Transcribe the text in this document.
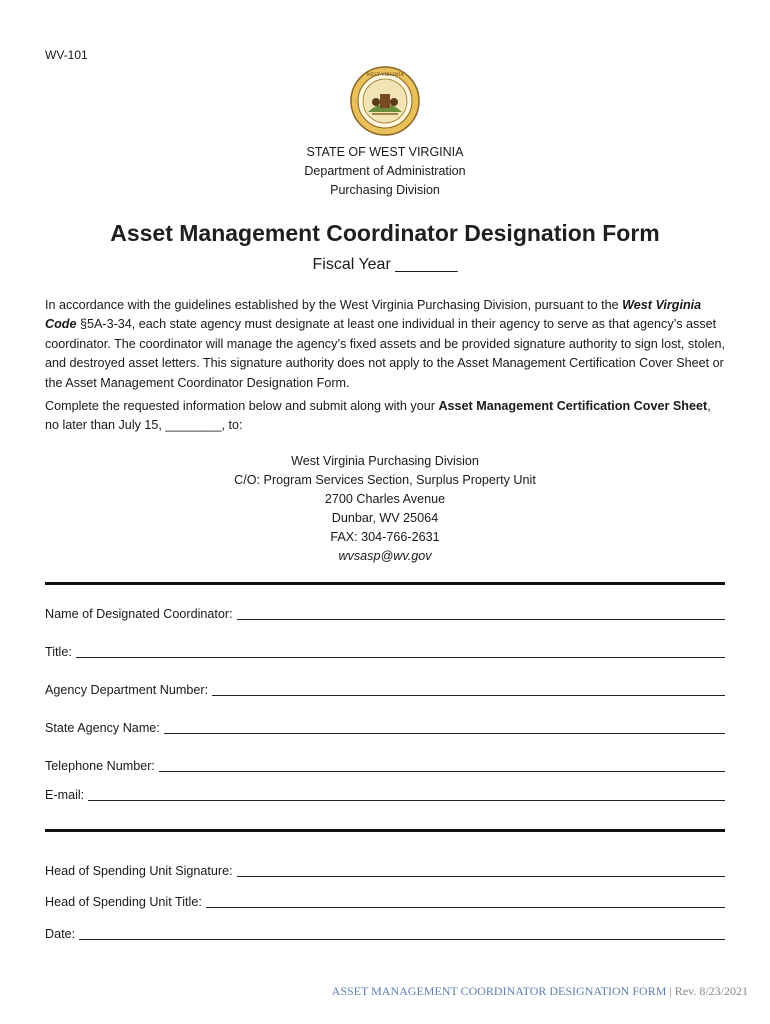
WV-101
WEST VIRGINIA
STATE OF WEST VIRGINIA
Department of Administration
Purchasing Division
Asset Management Coordinator Designation Form
Fiscal Year _______
In accordance with the guidelines established by the West Virginia Purchasing Division, pursuant to the West Virginia Code §5A-3-34, each state agency must designate at least one individual in their agency to serve as that agency’s asset coordinator. The coordinator will manage the agency’s fixed assets and be provided signature authority to sign lost, stolen, and destroyed asset letters. This signature authority does not apply to the Asset Management Certification Cover Sheet or the Asset Management Coordinator Designation Form.
Complete the requested information below and submit along with your Asset Management Certification Cover Sheet, no later than July 15, ________, to:
West Virginia Purchasing Division
C/O: Program Services Section, Surplus Property Unit
2700 Charles Avenue
Dunbar, WV 25064
FAX: 304-766-2631
wvsasp@wv.gov
Name of Designated Coordinator:
Title:
Agency Department Number:
State Agency Name:
Telephone Number:
E-mail:
Head of Spending Unit Signature:
Head of Spending Unit Title:
Date:
ASSET MANAGEMENT COORDINATOR DESIGNATION FORM | Rev. 8/23/2021
